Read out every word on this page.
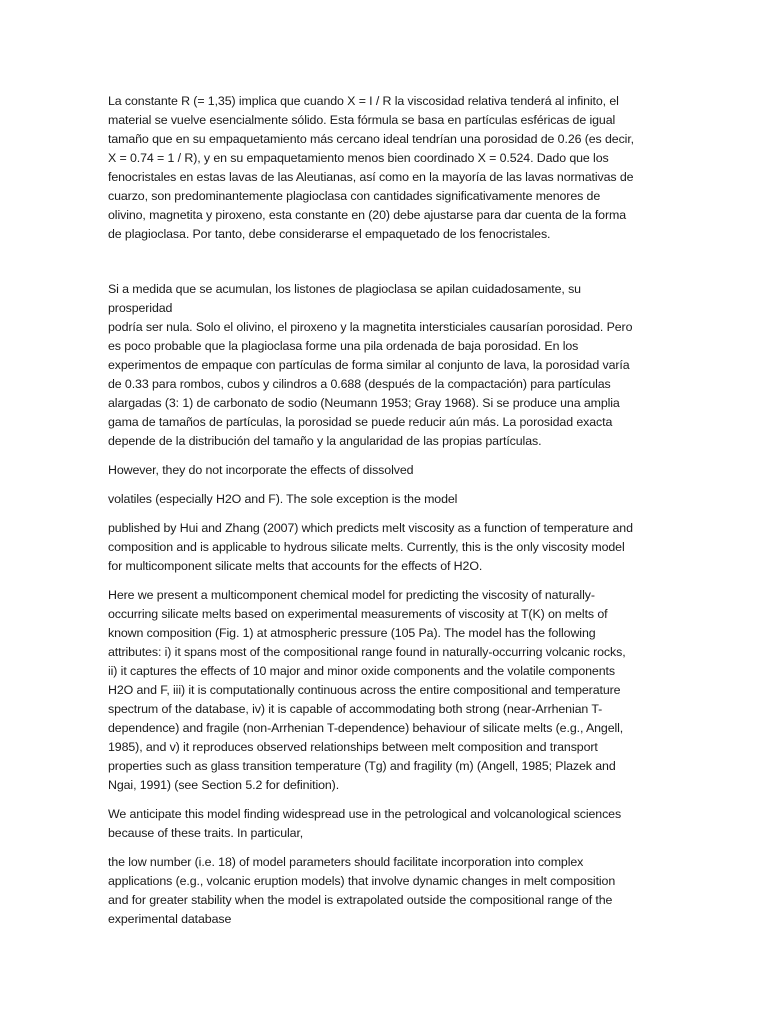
La constante R (= 1,35) implica que cuando X = I / R la viscosidad relativa tenderá al infinito, el
material se vuelve esencialmente sólido. Esta fórmula se basa en partículas esféricas de igual
tamaño que en su empaquetamiento más cercano ideal tendrían una porosidad de 0.26 (es decir,
X = 0.74 = 1 / R), y en su empaquetamiento menos bien coordinado X = 0.524. Dado que los
fenocristales en estas lavas de las Aleutianas, así como en la mayoría de las lavas normativas de
cuarzo, son predominantemente plagioclasa con cantidades significativamente menores de
olivino, magnetita y piroxeno, esta constante en (20) debe ajustarse para dar cuenta de la forma
de plagioclasa. Por tanto, debe considerarse el empaquetado de los fenocristales.

Si a medida que se acumulan, los listones de plagioclasa se apilan cuidadosamente, su prosperidad
podría ser nula. Solo el olivino, el piroxeno y la magnetita intersticiales causarían porosidad. Pero
es poco probable que la plagioclasa forme una pila ordenada de baja porosidad. En los
experimentos de empaque con partículas de forma similar al conjunto de lava, la porosidad varía
de 0.33 para rombos, cubos y cilindros a 0.688 (después de la compactación) para partículas
alargadas (3: 1) de carbonato de sodio (Neumann 1953; Gray 1968). Si se produce una amplia
gama de tamaños de partículas, la porosidad se puede reducir aún más. La porosidad exacta
depende de la distribución del tamaño y la angularidad de las propias partículas.

However, they do not incorporate the effects of dissolved

volatiles (especially H2O and F). The sole exception is the model

published by Hui and Zhang (2007) which predicts melt viscosity as a function of temperature and
composition and is applicable to hydrous silicate melts. Currently, this is the only viscosity model
for multicomponent silicate melts that accounts for the effects of H2O.

Here we present a multicomponent chemical model for predicting the viscosity of naturally-
occurring silicate melts based on experimental measurements of viscosity at T(K) on melts of
known composition (Fig. 1) at atmospheric pressure (105 Pa). The model has the following
attributes: i) it spans most of the compositional range found in naturally-occurring volcanic rocks,
ii) it captures the effects of 10 major and minor oxide components and the volatile components
H2O and F, iii) it is computationally continuous across the entire compositional and temperature
spectrum of the database, iv) it is capable of accommodating both strong (near-Arrhenian T-
dependence) and fragile (non-Arrhenian T-dependence) behaviour of silicate melts (e.g., Angell,
1985), and v) it reproduces observed relationships between melt composition and transport
properties such as glass transition temperature (Tg) and fragility (m) (Angell, 1985; Plazek and
Ngai, 1991) (see Section 5.2 for definition).

We anticipate this model finding widespread use in the petrological and volcanological sciences
because of these traits. In particular,

the low number (i.e. 18) of model parameters should facilitate incorporation into complex
applications (e.g., volcanic eruption models) that involve dynamic changes in melt composition
and for greater stability when the model is extrapolated outside the compositional range of the
experimental database
